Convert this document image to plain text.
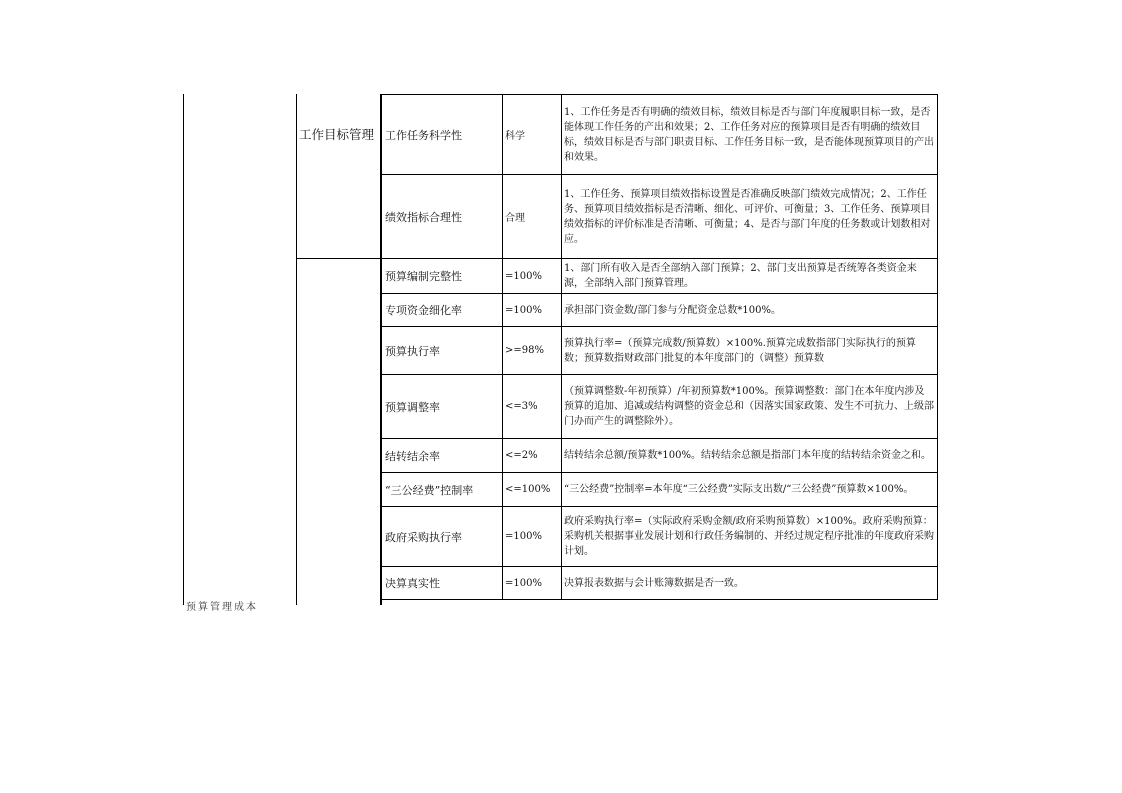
工作目标管理
预算管理成本
工作任务科学性	科学	1、工作任务是否有明确的绩效目标，绩效目标是否与部门年度履职目标一致，是否能体现工作任务的产出和效果；2、工作任务对应的预算项目是否有明确的绩效目标，绩效目标是否与部门职责目标、工作任务目标一致，是否能体现预算项目的产出和效果。
绩效指标合理性	合理	1、工作任务、预算项目绩效指标设置是否准确反映部门绩效完成情况；2、工作任务、预算项目绩效指标是否清晰、细化、可评价、可衡量；3、工作任务、预算项目绩效指标的评价标准是否清晰、可衡量；4、是否与部门年度的任务数或计划数相对应。
预算编制完整性	=100%	1、部门所有收入是否全部纳入部门预算；2、部门支出预算是否统筹各类资金来源，全部纳入部门预算管理。
专项资金细化率	=100%	承担部门资金数/部门参与分配资金总数*100%。
预算执行率	>=98%	预算执行率=（预算完成数/预算数）×100%.预算完成数指部门实际执行的预算数；预算数指财政部门批复的本年度部门的（调整）预算数
预算调整率	<=3%	（预算调整数-年初预算）/年初预算数*100%。预算调整数：部门在本年度内涉及预算的追加、追减或结构调整的资金总和（因落实国家政策、发生不可抗力、上级部门办而产生的调整除外）。
结转结余率	<=2%	结转结余总额/预算数*100%。结转结余总额是指部门本年度的结转结余资金之和。
“三公经费”控制率	<=100%	“三公经费”控制率=本年度“三公经费”实际支出数/“三公经费”预算数×100%。
政府采购执行率	=100%	政府采购执行率=（实际政府采购金额/政府采购预算数）×100%。政府采购预算：采购机关根据事业发展计划和行政任务编制的、并经过规定程序批准的年度政府采购计划。
决算真实性	=100%	决算报表数据与会计账簿数据是否一致。
